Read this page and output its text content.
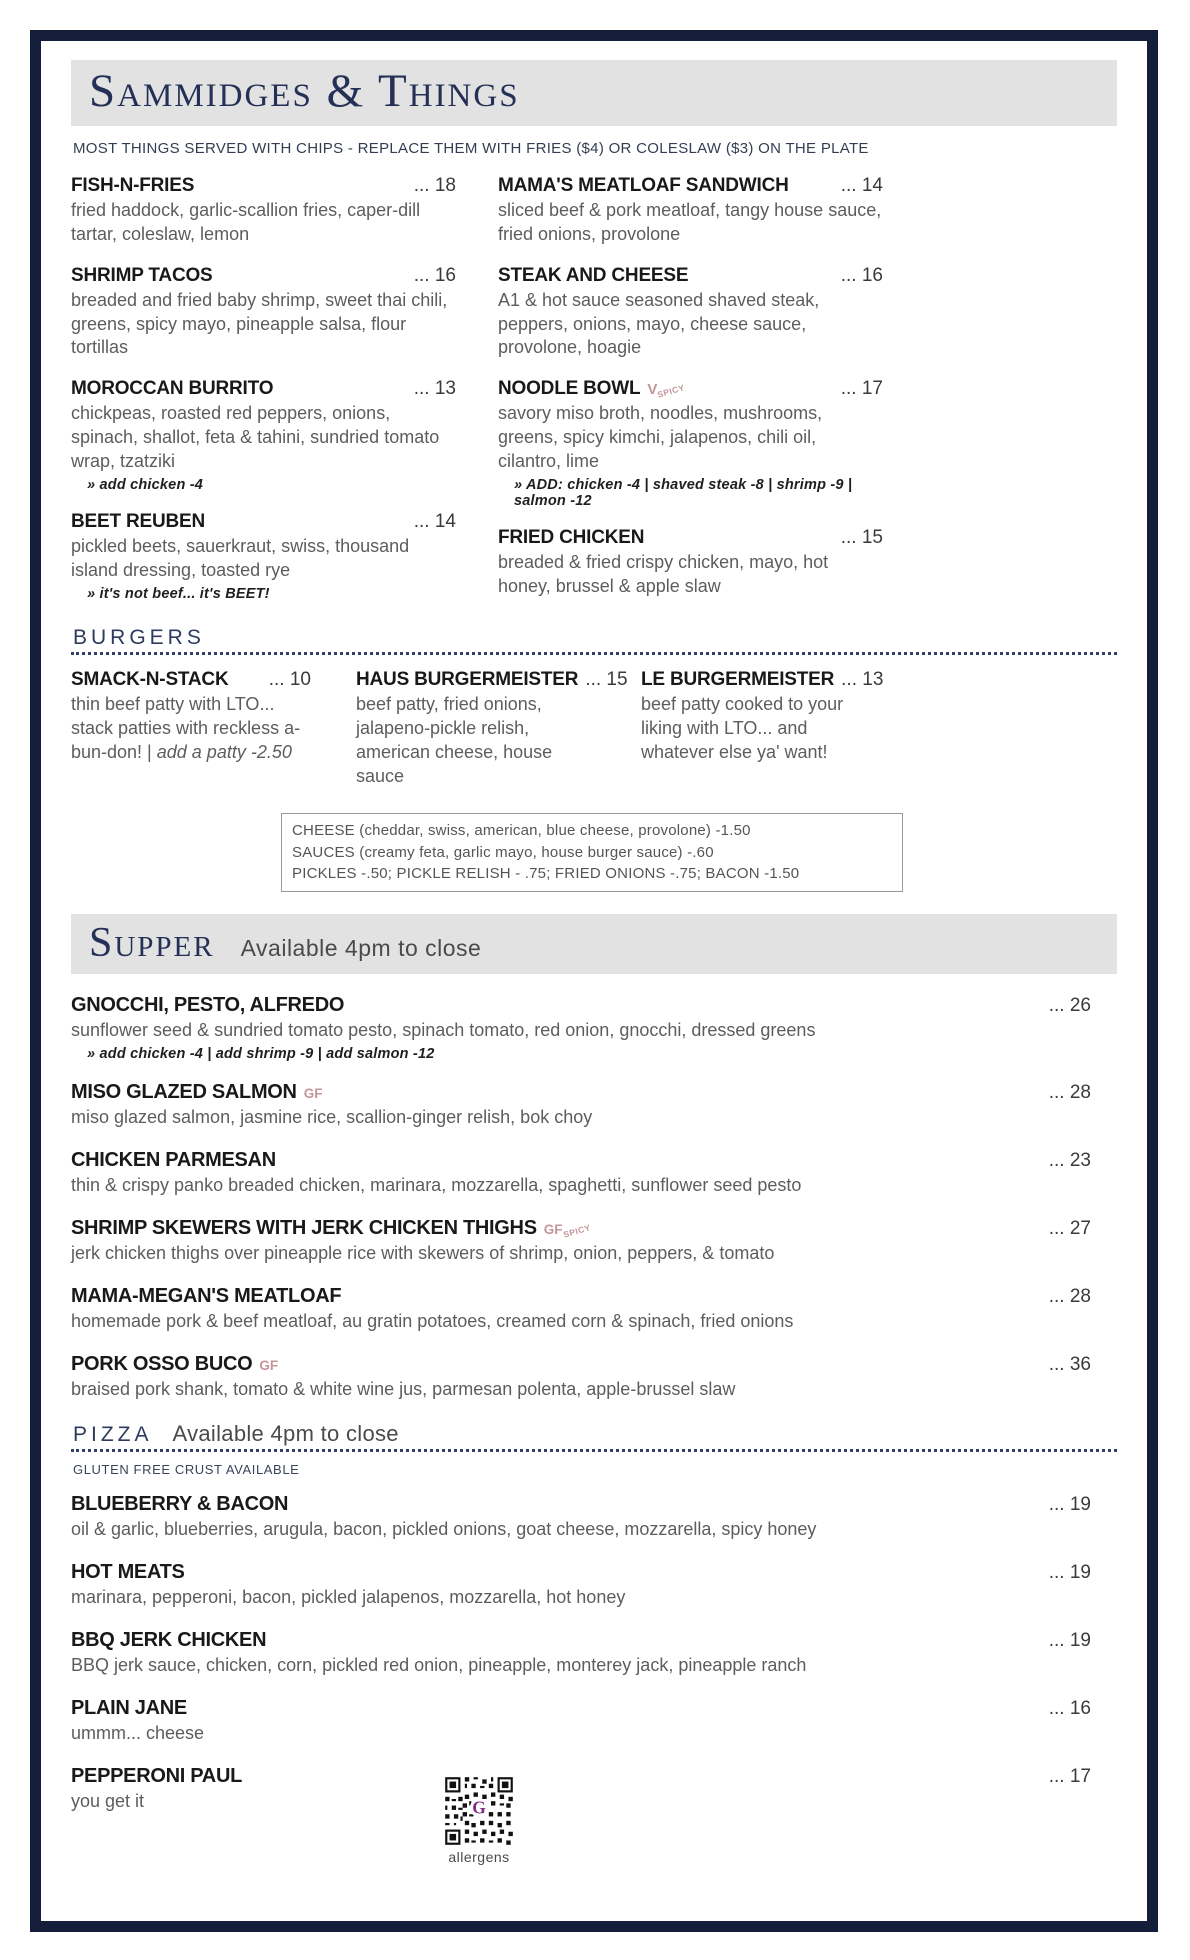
Sammidges & Things
MOST THINGS SERVED WITH CHIPS - REPLACE THEM WITH FRIES ($4) OR COLESLAW ($3) ON THE PLATE
FISH-N-FRIES	... 18
fried haddock, garlic-scallion fries, caper-dill tartar, coleslaw, lemon
SHRIMP TACOS	... 16
breaded and fried baby shrimp, sweet thai chili, greens, spicy mayo, pineapple salsa, flour tortillas
MOROCCAN BURRITO	... 13
chickpeas, roasted red peppers, onions, spinach, shallot, feta & tahini, sundried tomato wrap, tzatziki
» add chicken -4
BEET REUBEN	... 14
pickled beets, sauerkraut, swiss, thousand island dressing, toasted rye
» it's not beef... it's BEET!
MAMA'S MEATLOAF SANDWICH	... 14
sliced beef & pork meatloaf, tangy house sauce, fried onions, provolone
STEAK AND CHEESE	... 16
A1 & hot sauce seasoned shaved steak, peppers, onions, mayo, cheese sauce, provolone, hoagie
NOODLE BOWL VSPICY	... 17
savory miso broth, noodles, mushrooms, greens, spicy kimchi, jalapenos, chili oil, cilantro, lime
» ADD: chicken -4 | shaved steak -8 | shrimp -9 | salmon -12
FRIED CHICKEN	... 15
breaded & fried crispy chicken, mayo, hot honey, brussel & apple slaw
BURGERS
SMACK-N-STACK ... 10
thin beef patty with LTO... stack patties with reckless a-bun-don! | add a patty -2.50
HAUS BURGERMEISTER ... 15
beef patty, fried onions, jalapeno-pickle relish, american cheese, house sauce
LE BURGERMEISTER ... 13
beef patty cooked to your liking with LTO... and whatever else ya' want!
CHEESE (cheddar, swiss, american, blue cheese, provolone) -1.50
SAUCES (creamy feta, garlic mayo, house burger sauce) -.60
PICKLES -.50; PICKLE RELISH - .75; FRIED ONIONS -.75; BACON -1.50
Supper Available 4pm to close
GNOCCHI, PESTO, ALFREDO	... 26
sunflower seed & sundried tomato pesto, spinach tomato, red onion, gnocchi, dressed greens
» add chicken -4 | add shrimp -9 | add salmon -12
MISO GLAZED SALMON GF	... 28
miso glazed salmon, jasmine rice, scallion-ginger relish, bok choy
CHICKEN PARMESAN	... 23
thin & crispy panko breaded chicken, marinara, mozzarella, spaghetti, sunflower seed pesto
SHRIMP SKEWERS WITH JERK CHICKEN THIGHS GFSPICY	... 27
jerk chicken thighs over pineapple rice with skewers of shrimp, onion, peppers, & tomato
MAMA-MEGAN'S MEATLOAF	... 28
homemade pork & beef meatloaf, au gratin potatoes, creamed corn & spinach, fried onions
PORK OSSO BUCO GF	... 36
braised pork shank, tomato & white wine jus, parmesan polenta, apple-brussel slaw
PIZZA Available 4pm to close
GLUTEN FREE CRUST AVAILABLE
BLUEBERRY & BACON	... 19
oil & garlic, blueberries, arugula, bacon, pickled onions, goat cheese, mozzarella, spicy honey
HOT MEATS	... 19
marinara, pepperoni, bacon, pickled jalapenos, mozzarella, hot honey
BBQ JERK CHICKEN	... 19
BBQ jerk sauce, chicken, corn, pickled red onion, pineapple, monterey jack, pineapple ranch
PLAIN JANE	... 16
ummm... cheese
PEPPERONI PAUL	... 17
you get it	G
allergens
